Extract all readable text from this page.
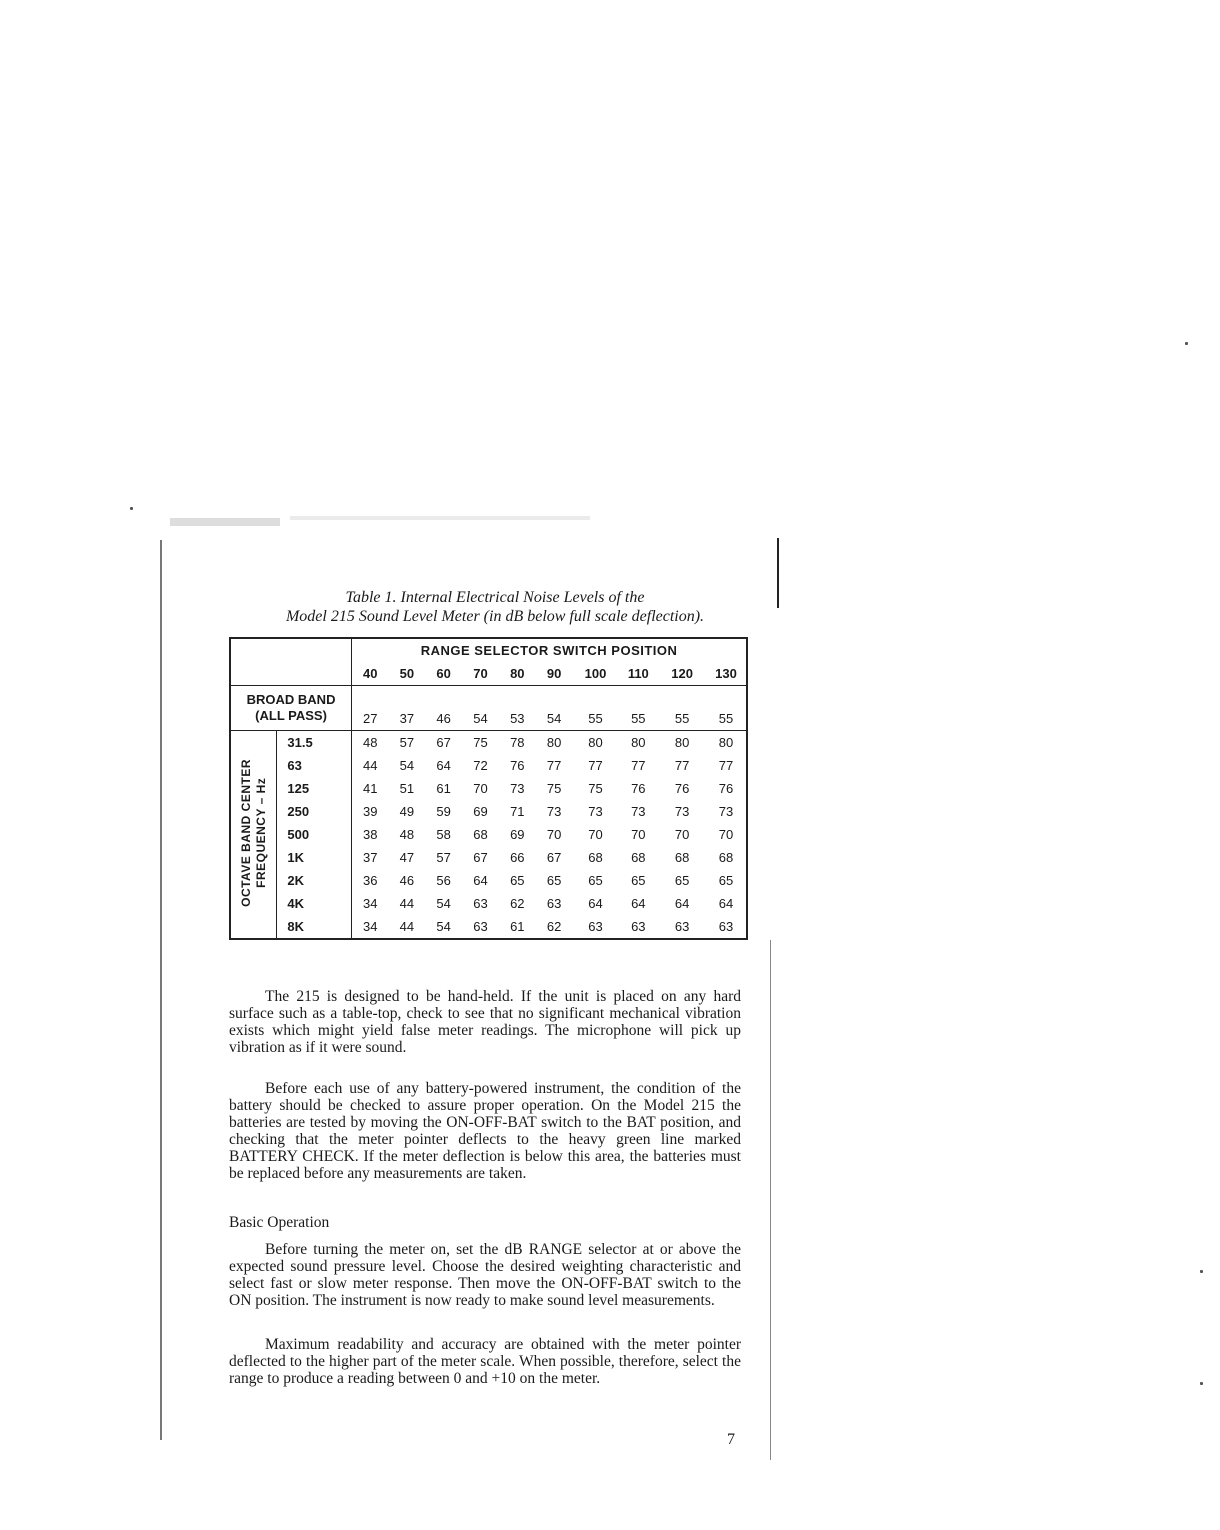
Table 1. Internal Electrical Noise Levels of the
Model 215 Sound Level Meter (in dB below full scale deflection).
		RANGE SELECTOR SWITCH POSITION									
		40	50	60	70	80	90	100	110	120	130
BROAD BAND
(ALL PASS)		27	37	46	54	53	54	55	55	55	55
OCTAVE BAND CENTER
FREQUENCY – Hz	31.5	48	57	67	75	78	80	80	80	80	80
	63	44	54	64	72	76	77	77	77	77	77
	125	41	51	61	70	73	75	75	76	76	76
	250	39	49	59	69	71	73	73	73	73	73
	500	38	48	58	68	69	70	70	70	70	70
	1K	37	47	57	67	66	67	68	68	68	68
	2K	36	46	56	64	65	65	65	65	65	65
	4K	34	44	54	63	62	63	64	64	64	64
	8K	34	44	54	63	61	62	63	63	63	63

The 215 is designed to be hand-held. If the unit is placed on any hard surface such as a table-top, check to see that no significant mechanical vibration exists which might yield false meter readings. The microphone will pick up vibration as if it were sound.

Before each use of any battery-powered instrument, the condition of the battery should be checked to assure proper operation. On the Model 215 the batteries are tested by moving the ON-OFF-BAT switch to the BAT position, and checking that the meter pointer deflects to the heavy green line marked BATTERY CHECK. If the meter deflection is below this area, the batteries must be replaced before any measurements are taken.

Basic Operation

Before turning the meter on, set the dB RANGE selector at or above the expected sound pressure level. Choose the desired weighting characteristic and select fast or slow meter response. Then move the ON-OFF-BAT switch to the ON position. The instrument is now ready to make sound level measurements.

Maximum readability and accuracy are obtained with the meter pointer deflected to the higher part of the meter scale. When possible, therefore, select the range to produce a reading between 0 and +10 on the meter.

7
